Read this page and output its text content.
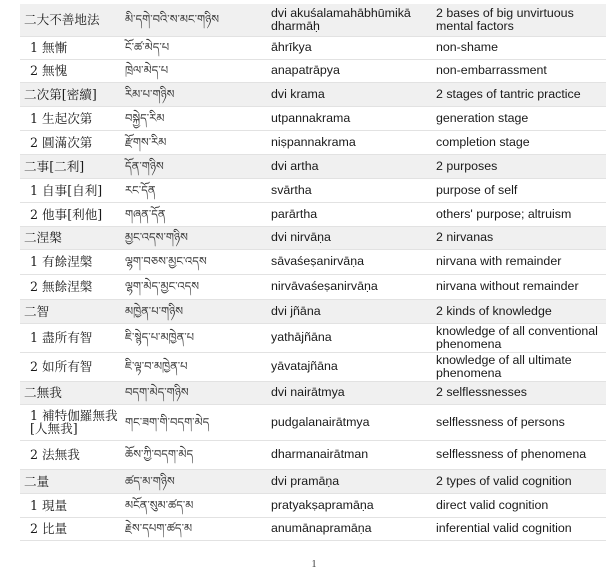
二大不善地法	མི་དགེ་བའི་ས་མང་གཉིས	dvi akuśalamahābhūmikā dharmāḥ	2 bases of big unvirtuous mental factors
1 無慚	ངོ་ཚ་མེད་པ	āhrīkya	non-shame
2 無愧	ཁྲེལ་མེད་པ	anapatrāpya	non-embarrassment
二次第[密續]	རིམ་པ་གཉིས	dvi krama	2 stages of tantric practice
1 生起次第	བསྐྱེད་རིམ	utpannakrama	generation stage
2 圓滿次第	རྫོགས་རིམ	niṣpannakrama	completion stage
二事[二利]	དོན་གཉིས	dvi artha	2 purposes
1 自事[自利]	རང་དོན	svārtha	purpose of self
2 他事[利他]	གཞན་དོན	parārtha	others' purpose; altruism
二涅槃	མྱང་འདས་གཉིས	dvi nirvāṇa	2 nirvanas
1 有餘涅槃	ལྷག་བཅས་མྱང་འདས	sāvaśeṣanirvāṇa	nirvana with remainder
2 無餘涅槃	ལྷག་མེད་མྱང་འདས	nirvāvaśeṣanirvāṇa	nirvana without remainder
二智	མཁྱེན་པ་གཉིས	dvi jñāna	2 kinds of knowledge
1 盡所有智	ཇི་སྙེད་པ་མཁྱེན་པ	yathājñāna	knowledge of all conventional phenomena
2 如所有智	ཇི་ལྟ་བ་མཁྱེན་པ	yāvatajñāna	knowledge of all ultimate phenomena
二無我	བདག་མེད་གཉིས	dvi nairātmya	2 selflessnesses
1 補特伽羅無我 [人無我]	གང་ཟག་གི་བདག་མེད	pudgalanairātmya	selflessness of persons
2 法無我	ཆོས་ཀྱི་བདག་མེད	dharmanairātman	selflessness of phenomena
二量	ཚད་མ་གཉིས	dvi pramāṇa	2 types of valid cognition
1 現量	མངོན་སུམ་ཚད་མ	pratyakṣapramāṇa	direct valid cognition
2 比量	རྗེས་དཔག་ཚད་མ	anumānapramāṇa	inferential valid cognition
1
